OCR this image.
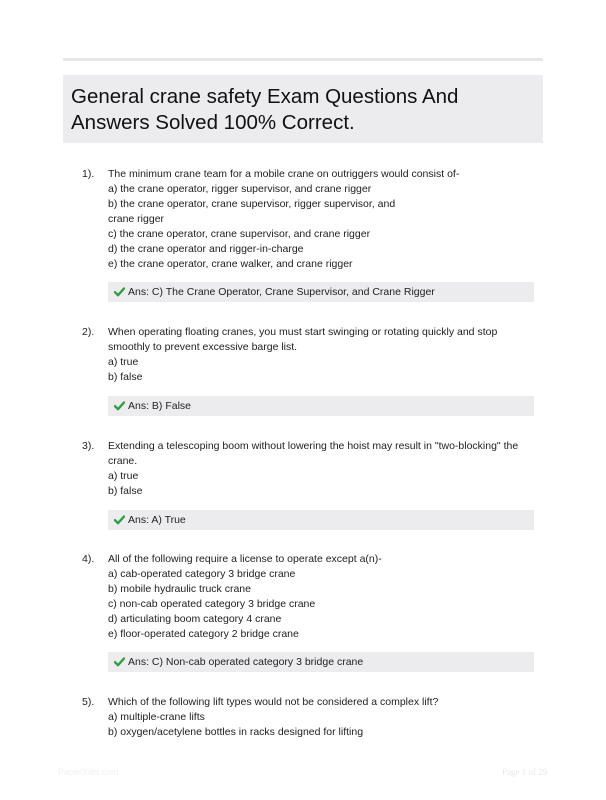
General crane safety Exam Questions And Answers Solved 100% Correct.
1). The minimum crane team for a mobile crane on outriggers would consist of-
a) the crane operator, rigger supervisor, and crane rigger
b) the crane operator, crane supervisor, rigger supervisor, and
crane rigger
c) the crane operator, crane supervisor, and crane rigger
d) the crane operator and rigger-in-charge
e) the crane operator, crane walker, and crane rigger
Ans: C) The Crane Operator, Crane Supervisor, and Crane Rigger
2). When operating floating cranes, you must start swinging or rotating quickly and stop
smoothly to prevent excessive barge list.
a) true
b) false
Ans: B) False
3). Extending a telescoping boom without lowering the hoist may result in "two-blocking" the
crane.
a) true
b) false
Ans: A) True
4). All of the following require a license to operate except a(n)-
a) cab-operated category 3 bridge crane
b) mobile hydraulic truck crane
c) non-cab operated category 3 bridge crane
d) articulating boom category 4 crane
e) floor-operated category 2 bridge crane
Ans: C) Non-cab operated category 3 bridge crane
5). Which of the following lift types would not be considered a complex lift?
a) multiple-crane lifts
b) oxygen/acetylene bottles in racks designed for lifting
PaperXlibi.com	Page 1 of 29
